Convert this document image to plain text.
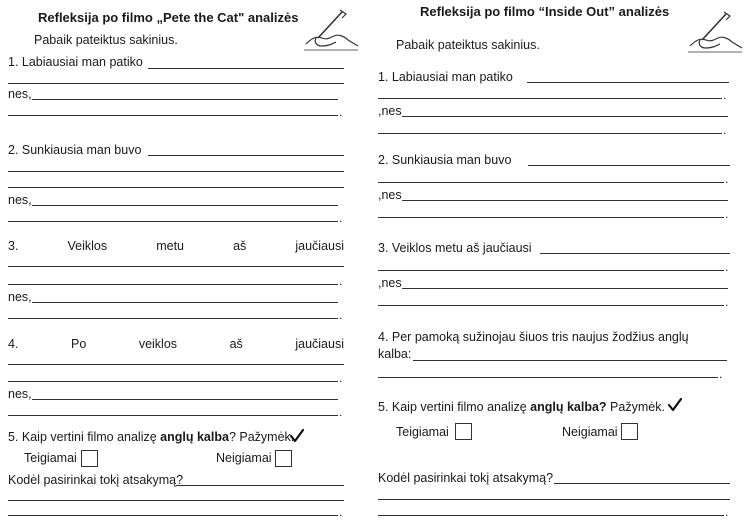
Refleksija po filmo „Pete the Cat" analizės
Pabaik pateiktus sakinius.
1. Labiausiai man patiko
nes,
.
2. Sunkiausia man buvo
nes,
.
3.	Veiklos	metu	aš	jaučiausi
.
nes,
.
4.	Po	veiklos	aš	jaučiausi
.
nes,
.
5. Kaip vertini filmo analizę anglų kalba? Pažymėk.
Teigiamai	Neigiamai
Kodėl pasirinkai tokį atsakymą?
.
Refleksija po filmo “Inside Out” analizės
Pabaik pateiktus sakinius.
1. Labiausiai man patiko
.
,nes
.
2. Sunkiausia man buvo
.
,nes
.
3. Veiklos metu aš jaučiausi
.
,nes
.
4. Per pamoką sužinojau šiuos tris naujus žodžius anglų
kalba:
.
5. Kaip vertini filmo analizę anglų kalba? Pažymėk.
Teigiamai	Neigiamai
Kodėl pasirinkai tokį atsakymą?
.
